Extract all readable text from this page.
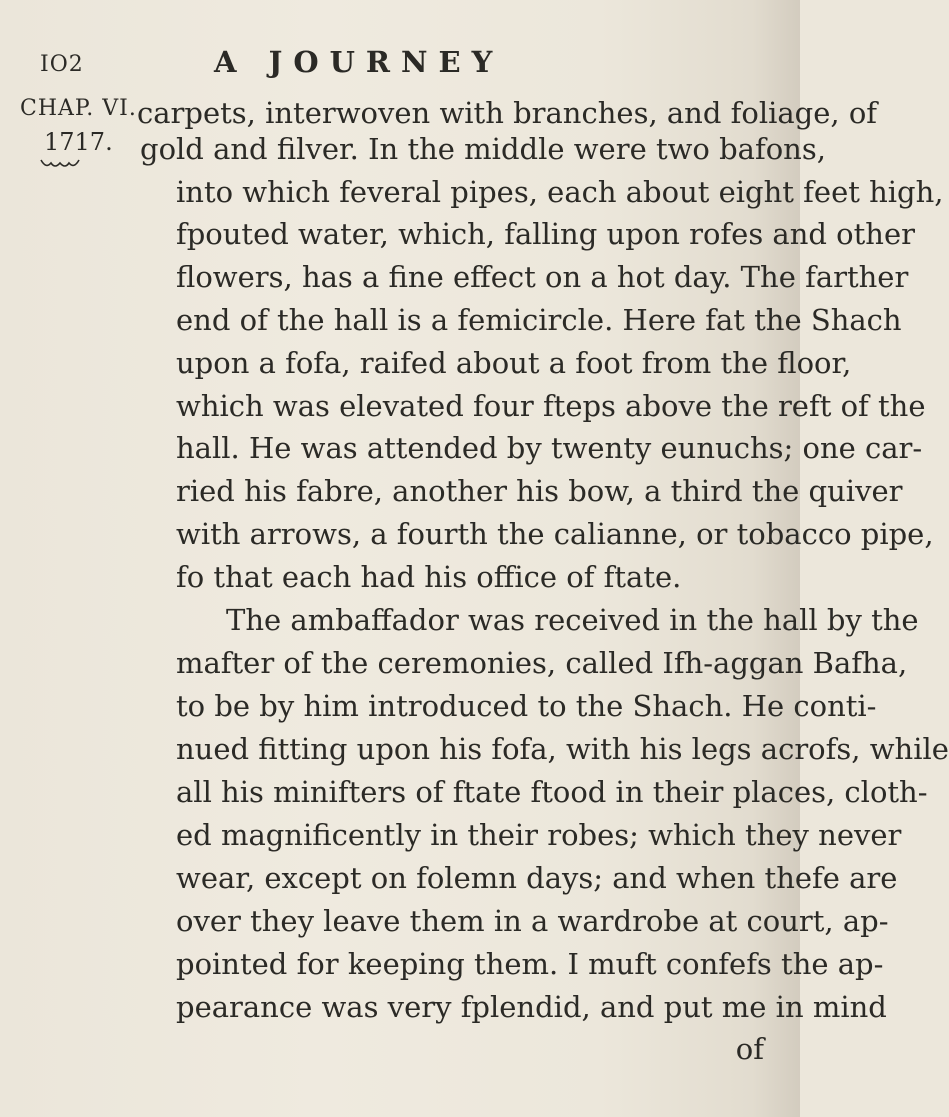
IO2	A JOURNEY
CHAP. VI.
1717.
carpets, interwoven with branches, and foliage, of
gold and filver. In the middle were two bafons,
into which feveral pipes, each about eight feet high,
fpouted water, which, falling upon rofes and other
flowers, has a fine effect on a hot day. The farther
end of the hall is a femicircle. Here fat the Shach
upon a fofa, raifed about a foot from the floor,
which was elevated four fteps above the reft of the
hall. He was attended by twenty eunuchs; one car-
ried his fabre, another his bow, a third the quiver
with arrows, a fourth the calianne, or tobacco pipe,
fo that each had his office of ftate.
The ambaffador was received in the hall by the
mafter of the ceremonies, called Ifh-aggan Bafha,
to be by him introduced to the Shach. He conti-
nued fitting upon his fofa, with his legs acrofs, while
all his minifters of ftate ftood in their places, cloth-
ed magnificently in their robes; which they never
wear, except on folemn days; and when thefe are
over they leave them in a wardrobe at court, ap-
pointed for keeping them. I muft confefs the ap-
pearance was very fplendid, and put me in mind
of
